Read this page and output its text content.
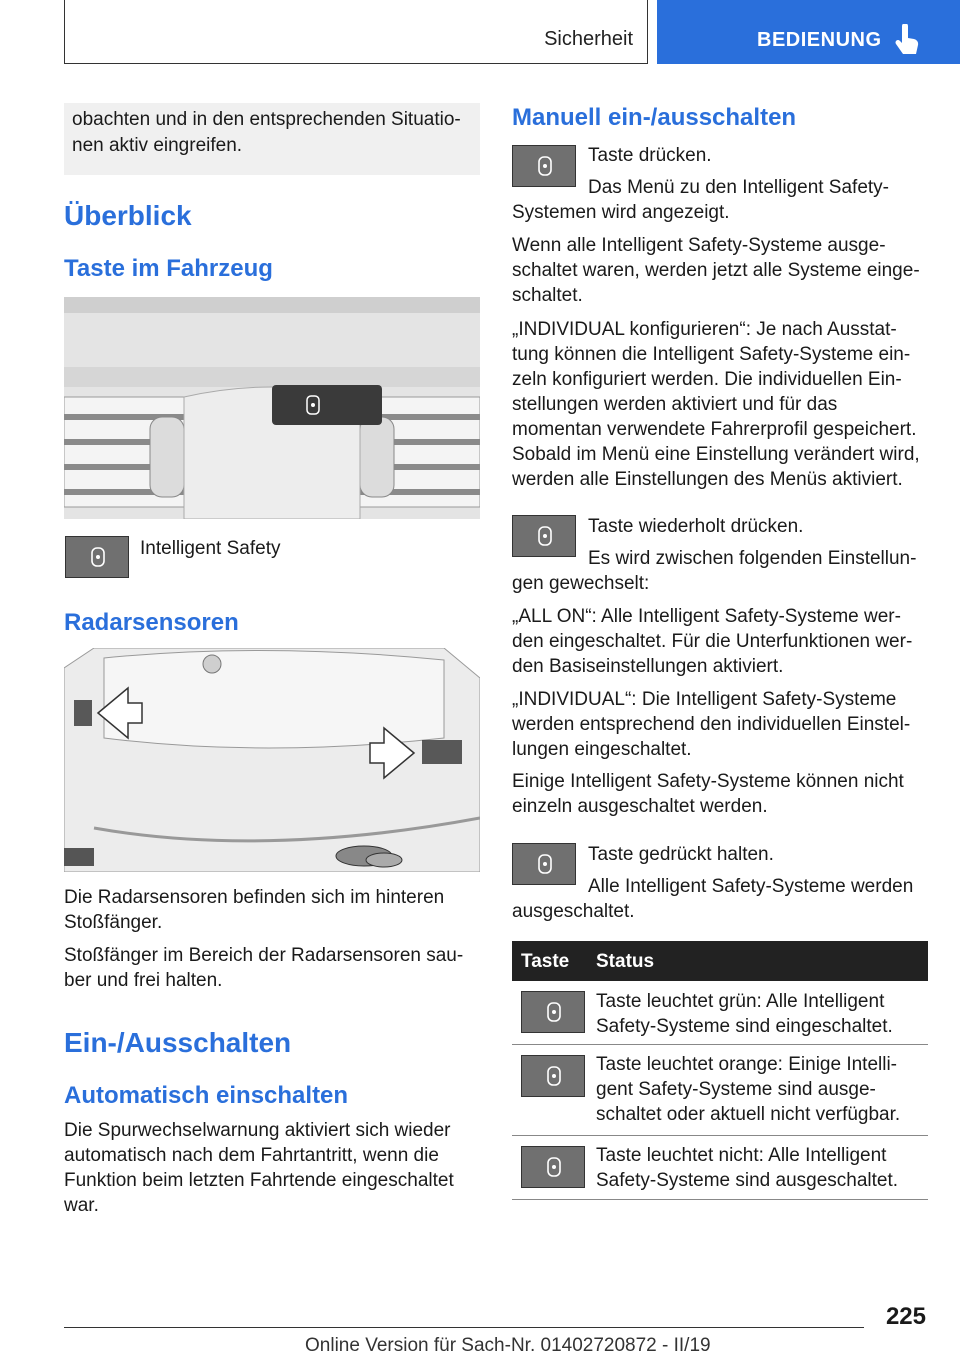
Sicherheit	BEDIENUNG
obachten und in den entsprechenden Situatio-nen aktiv eingreifen.
Überblick
Taste im Fahrzeug
Intelligent Safety
Radarsensoren

Die Radarsensoren befinden sich im hinteren Stoßfänger.

Stoßfänger im Bereich der Radarsensoren sau-ber und frei halten.

Ein-/Ausschalten
Automatisch einschalten

Die Spurwechselwarnung aktiviert sich wieder automatisch nach dem Fahrtantritt, wenn die Funktion beim letzten Fahrtende eingeschaltet war.

Manuell ein-/ausschalten
Taste drücken.
Das Menü zu den Intelligent Safety-Systemen wird angezeigt.
Wenn alle Intelligent Safety-Systeme ausge-schaltet waren, werden jetzt alle Systeme einge-schaltet.
„INDIVIDUAL konfigurieren“: Je nach Ausstat-tung können die Intelligent Safety-Systeme ein-zeln konfiguriert werden. Die individuellen Ein-stellungen werden aktiviert und für das momentan verwendete Fahrerprofil gespeichert. Sobald im Menü eine Einstellung verändert wird, werden alle Einstellungen des Menüs aktiviert.
Taste wiederholt drücken.
Es wird zwischen folgenden Einstellun-gen gewechselt:
„ALL ON“: Alle Intelligent Safety-Systeme wer-den eingeschaltet. Für die Unterfunktionen wer-den Basiseinstellungen aktiviert.
„INDIVIDUAL“: Die Intelligent Safety-Systeme werden entsprechend den individuellen Einstel-lungen eingeschaltet.
Einige Intelligent Safety-Systeme können nicht einzeln ausgeschaltet werden.
Taste gedrückt halten.
Alle Intelligent Safety-Systeme werden ausgeschaltet.
Taste Status
Taste leuchtet grün: Alle Intelligent Safety-Systeme sind eingeschaltet.
Taste leuchtet orange: Einige Intelli-gent Safety-Systeme sind ausge-schaltet oder aktuell nicht verfügbar.
Taste leuchtet nicht: Alle Intelligent Safety-Systeme sind ausgeschaltet.
225
Online Version für Sach-Nr. 01402720872 - II/19
